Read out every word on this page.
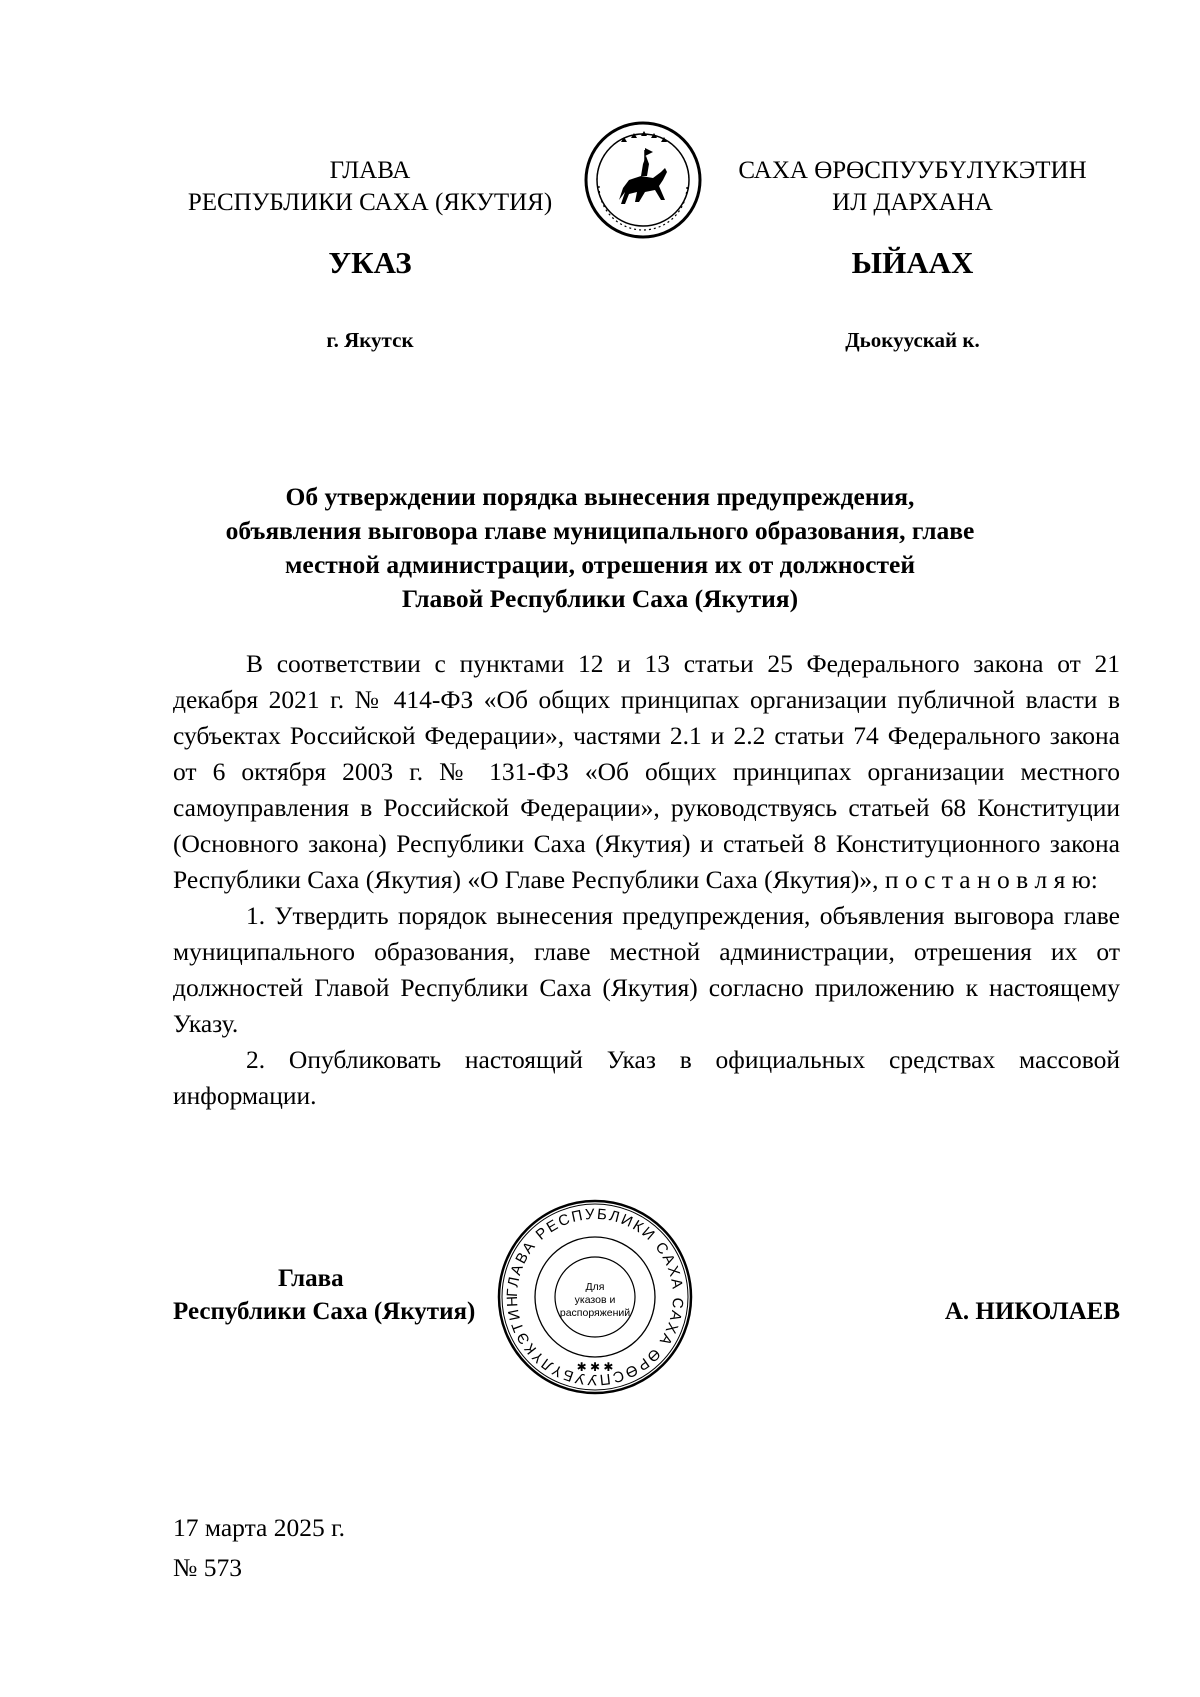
ГЛАВА
РЕСПУБЛИКИ САХА (ЯКУТИЯ)
САХА ӨРӨСПУУБҮЛҮКЭТИН
ИЛ ДАРХАНА
УКАЗ	ЫЙААХ
г. Якутск	Дьокуускай к.
Об утверждении порядка вынесения предупреждения,
объявления выговора главе муниципального образования, главе
местной администрации, отрешения их от должностей
Главой Республики Саха (Якутия)

В соответствии с пунктами 12 и 13 статьи 25 Федерального закона от 21 декабря 2021 г. № 414-ФЗ «Об общих принципах организации публичной власти в субъектах Российской Федерации», частями 2.1 и 2.2 статьи 74 Федерального закона от 6 октября 2003 г. № 131-ФЗ «Об общих принципах организации местного самоуправления в Российской Федерации», руководствуясь статьей 68 Конституции (Основного закона) Республики Саха (Якутия) и статьей 8 Конституционного закона Республики Саха (Якутия) «О Главе Республики Саха (Якутия)», п о с т а н о в л я ю:

1. Утвердить порядок вынесения предупреждения, объявления выговора главе муниципального образования, главе местной администрации, отрешения их от должностей Главой Республики Саха (Якутия) согласно приложению к настоящему Указу.

2. Опубликовать настоящий Указ в официальных средствах массовой информации.

Глава
Республики Саха (Якутия)	А. НИКОЛАЕВ
ГЛАВА РЕСПУБЛИКИ САХА САХА ӨРӨСПУУБҮЛҮКЭТИН
Для
указов и
распоряжений
✱ ✱ ✱
17 марта 2025 г.
№ 573
